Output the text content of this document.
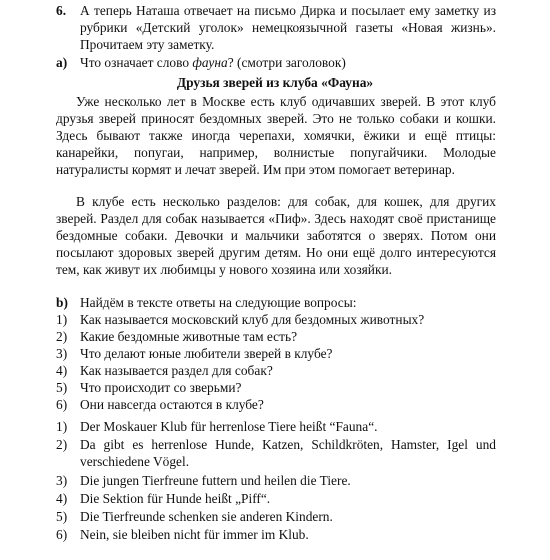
6. А теперь Наташа отвечает на письмо Дирка и посылает ему заметку из рубрики «Детский уголок» немецкоязычной газеты «Новая жизнь». Прочитаем эту заметку.
a) Что означает слово фауна? (смотри заголовок)
Друзья зверей из клуба «Фауна»
Уже несколько лет в Москве есть клуб одичавших зверей. В этот клуб друзья зверей приносят бездомных зверей. Это не только собаки и кошки. Здесь бывают также иногда черепахи, хомячки, ёжики и ещё птицы: канарейки, попугаи, например, волнистые попугайчики. Молодые натуралисты кормят и лечат зверей. Им при этом помогает ветеринар.
В клубе есть несколько разделов: для собак, для кошек, для других зверей. Раздел для собак называется «Пиф». Здесь находят своё пристанище бездомные собаки. Девочки и мальчики заботятся о зверях. Потом они посылают здоровых зверей другим детям. Но они ещё долго интересуются тем, как живут их любимцы у нового хозяина или хозяйки.
b) Найдём в тексте ответы на следующие вопросы:
1) Как называется московский клуб для бездомных животных?
2) Какие бездомные животные там есть?
3) Что делают юные любители зверей в клубе?
4) Как называется раздел для собак?
5) Что происходит со зверьми?
6) Они навсегда остаются в клубе?
1) Der Moskauer Klub für herrenlose Tiere heißt “Fauna“.
2) Da gibt es herrenlose Hunde, Katzen, Schildkröten, Hamster, Igel und verschiedene Vögel.
3) Die jungen Tierfreune futtern und heilen die Tiere.
4) Die Sektion für Hunde heißt „Piff“.
5) Die Tierfreunde schenken sie anderen Kindern.
6) Nein, sie bleiben nicht für immer im Klub.
